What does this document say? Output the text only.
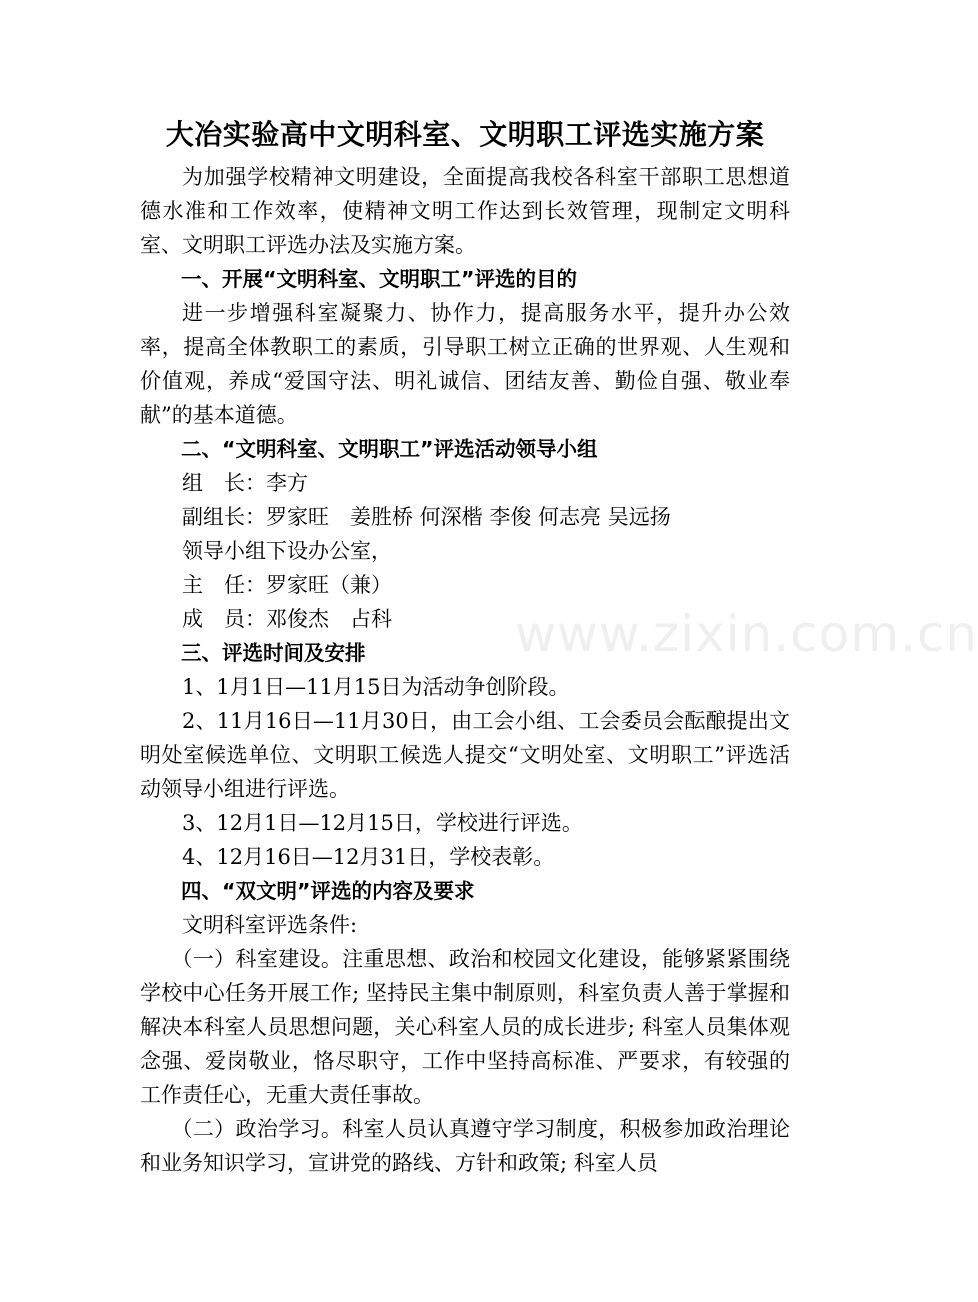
大冶实验高中文明科室、文明职工评选实施方案

为加强学校精神文明建设，全面提高我校各科室干部职工思想道德水准和工作效率，使精神文明工作达到长效管理，现制定文明科室、文明职工评选办法及实施方案。

一、开展“文明科室、文明职工”评选的目的

进一步增强科室凝聚力、协作力，提高服务水平，提升办公效率，提高全体教职工的素质，引导职工树立正确的世界观、人生观和价值观，养成“爱国守法、明礼诚信、团结友善、勤俭自强、敬业奉献”的基本道德。

二、“文明科室、文明职工”评选活动领导小组

组　长：李方

副组长：罗家旺　姜胜桥 何深楷 李俊 何志亮 吴远扬

领导小组下设办公室，

主　任：罗家旺（兼）

成　员：邓俊杰　占科

三、评选时间及安排

1、1月1日—11月15日为活动争创阶段。

2、11月16日—11月30日，由工会小组、工会委员会酝酿提出文明处室候选单位、文明职工候选人提交“文明处室、文明职工”评选活动领导小组进行评选。

3、12月1日—12月15日，学校进行评选。

4、12月16日—12月31日，学校表彰。

四、“双文明”评选的内容及要求

文明科室评选条件:

（一）科室建设。注重思想、政治和校园文化建设，能够紧紧围绕学校中心任务开展工作; 坚持民主集中制原则，科室负责人善于掌握和解决本科室人员思想问题，关心科室人员的成长进步; 科室人员集体观念强、爱岗敬业，恪尽职守，工作中坚持高标准、严要求，有较强的工作责任心，无重大责任事故。

（二）政治学习。科室人员认真遵守学习制度，积极参加政治理论和业务知识学习，宣讲党的路线、方针和政策; 科室人员

www.zixin.com.cn
